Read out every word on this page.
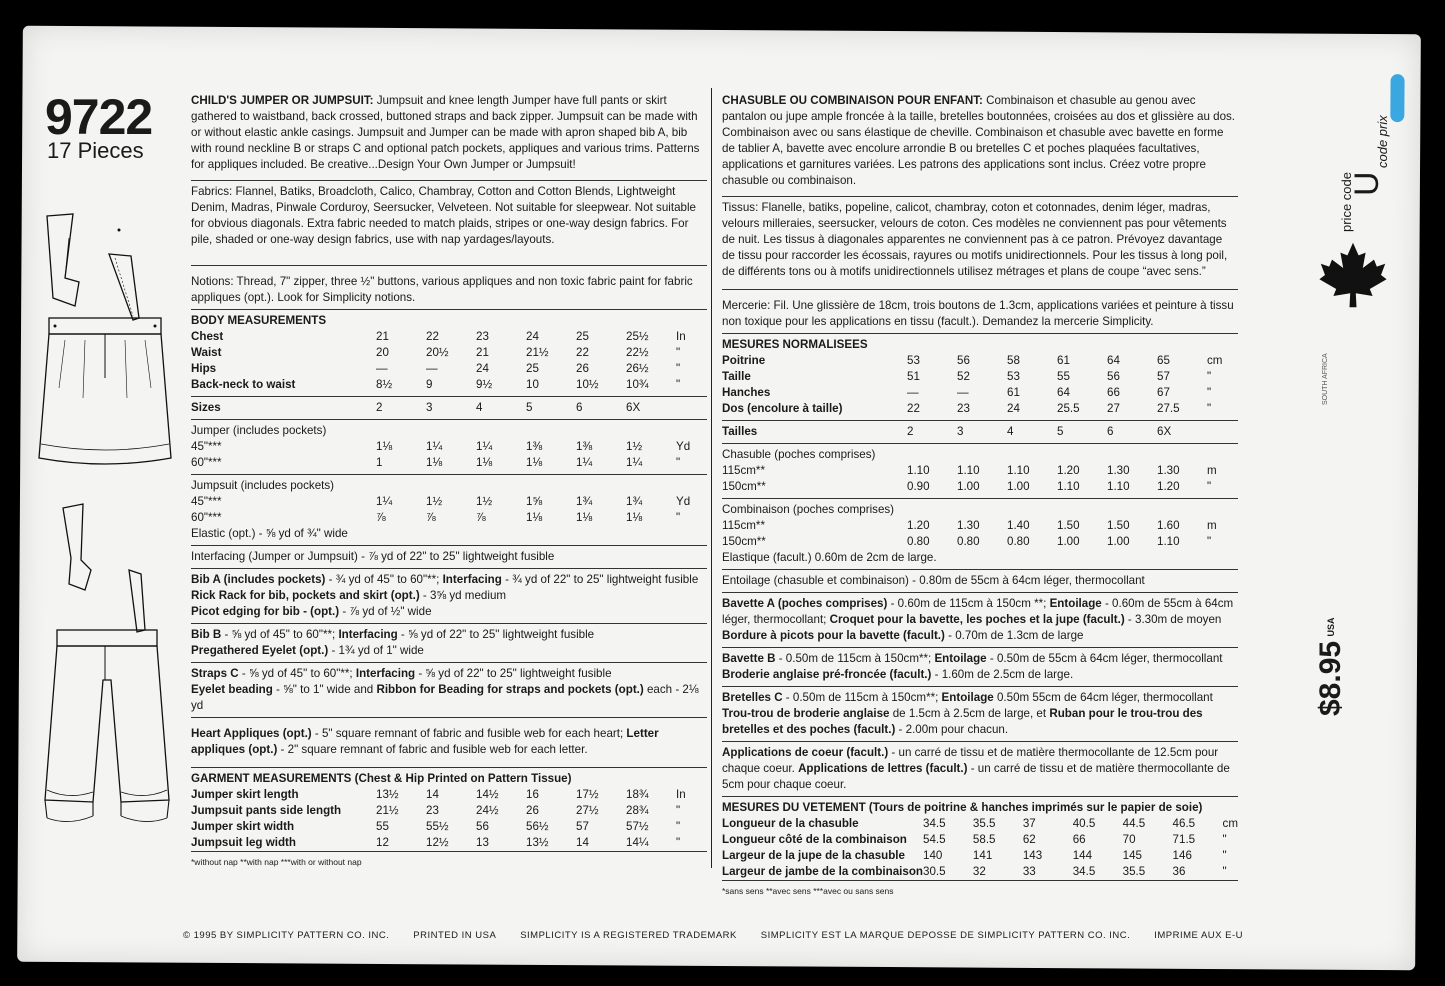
9722
17 Pieces

CHILD'S JUMPER OR JUMPSUIT: Jumpsuit and knee length Jumper have full pants or skirt gathered to waistband, back crossed, buttoned straps and back zipper. Jumpsuit can be made with or without elastic ankle casings. Jumpsuit and Jumper can be made with apron shaped bib A, bib with round neckline B or straps C and optional patch pockets, appliques and various trims. Patterns for appliques included. Be creative...Design Your Own Jumper or Jumpsuit!

Fabrics: Flannel, Batiks, Broadcloth, Calico, Chambray, Cotton and Cotton Blends, Lightweight Denim, Madras, Pinwale Corduroy, Seersucker, Velveteen. Not suitable for sleepwear. Not suitable for obvious diagonals. Extra fabric needed to match plaids, stripes or one-way design fabrics. For pile, shaded or one-way design fabrics, use with nap yardages/layouts.

Notions: Thread, 7" zipper, three ½" buttons, various appliques and non toxic fabric paint for fabric appliques (opt.). Look for Simplicity notions.

BODY MEASUREMENTS							
Chest	21	22	23	24	25	25½	In
Waist	20	20½	21	21½	22	22½	"
Hips	—	—	24	25	26	26½	"
Back-neck to waist	8½	9	9½	10	10½	10¾	"
Sizes	2	3	4	5	6	6X	
Jumper (includes pockets)							
45"***	1⅛	1¼	1¼	1⅜	1⅜	1½	Yd
60"***	1	1⅛	1⅛	1⅛	1¼	1¼	"
Jumpsuit (includes pockets)							
45"***	1¼	1½	1½	1⅝	1¾	1¾	Yd
60"***	⅞	⅞	⅞	1⅛	1⅛	1⅛	"

Elastic (opt.) - ⅝ yd of ¾" wide

Interfacing (Jumper or Jumpsuit) - ⅞ yd of 22" to 25" lightweight fusible

Bib A (includes pockets) - ¾ yd of 45" to 60"**; Interfacing - ¾ yd of 22" to 25" lightweight fusible

Rick Rack for bib, pockets and skirt (opt.) - 3⅝ yd medium

Picot edging for bib - (opt.) - ⅞ yd of ½" wide

Bib B - ⅝ yd of 45" to 60"**; Interfacing - ⅝ yd of 22" to 25" lightweight fusible

Pregathered Eyelet (opt.) - 1¾ yd of 1" wide

Straps C - ⅝ yd of 45" to 60"**; Interfacing - ⅝ yd of 22" to 25" lightweight fusible

Eyelet beading - ⅝" to 1" wide and Ribbon for Beading for straps and pockets (opt.) each - 2⅛ yd

Heart Appliques (opt.) - 5" square remnant of fabric and fusible web for each heart; Letter appliques (opt.) - 2" square remnant of fabric and fusible web for each letter.

GARMENT MEASUREMENTS (Chest & Hip Printed on Pattern Tissue)							
Jumper skirt length	13½	14	14½	16	17½	18¾	In
Jumpsuit pants side length	21½	23	24½	26	27½	28¾	"
Jumper skirt width	55	55½	56	56½	57	57½	"
Jumpsuit leg width	12	12½	13	13½	14	14¼	"
*without nap **with nap ***with or without nap

CHASUBLE OU COMBINAISON POUR ENFANT: Combinaison et chasuble au genou avec pantalon ou jupe ample froncée à la taille, bretelles boutonnées, croisées au dos et glissière au dos. Combinaison avec ou sans élastique de cheville. Combinaison et chasuble avec bavette en forme de tablier A, bavette avec encolure arrondie B ou bretelles C et poches plaquées facultatives, applications et garnitures variées. Les patrons des applications sont inclus. Créez votre propre chasuble ou combinaison.

Tissus: Flanelle, batiks, popeline, calicot, chambray, coton et cotonnades, denim léger, madras, velours milleraies, seersucker, velours de coton. Ces modèles ne conviennent pas pour vêtements de nuit. Les tissus à diagonales apparentes ne conviennent pas à ce patron. Prévoyez davantage de tissu pour raccorder les écossais, rayures ou motifs unidirectionnels. Pour les tissus à long poil, de différents tons ou à motifs unidirectionnels utilisez métrages et plans de coupe “avec sens.”

Mercerie: Fil. Une glissière de 18cm, trois boutons de 1.3cm, applications variées et peinture à tissu non toxique pour les applications en tissu (facult.). Demandez la mercerie Simplicity.

MESURES NORMALISEES							
Poitrine	53	56	58	61	64	65	cm
Taille	51	52	53	55	56	57	"
Hanches	—	—	61	64	66	67	"
Dos (encolure à taille)	22	23	24	25.5	27	27.5	"
Tailles	2	3	4	5	6	6X	
Chasuble (poches comprises)							
115cm**	1.10	1.10	1.10	1.20	1.30	1.30	m
150cm**	0.90	1.00	1.00	1.10	1.10	1.20	"
Combinaison (poches comprises)							
115cm**	1.20	1.30	1.40	1.50	1.50	1.60	m
150cm**	0.80	0.80	0.80	1.00	1.00	1.10	"

Elastique (facult.) 0.60m de 2cm de large.

Entoilage (chasuble et combinaison) - 0.80m de 55cm à 64cm léger, thermocollant

Bavette A (poches comprises) - 0.60m de 115cm à 150cm **; Entoilage - 0.60m de 55cm à 64cm léger, thermocollant; Croquet pour la bavette, les poches et la jupe (facult.) - 3.30m de moyen

Bordure à picots pour la bavette (facult.) - 0.70m de 1.3cm de large

Bavette B - 0.50m de 115cm à 150cm**; Entoilage - 0.50m de 55cm à 64cm léger, thermocollant

Broderie anglaise pré-froncée (facult.) - 1.60m de 2.5cm de large.

Bretelles C - 0.50m de 115cm à 150cm**; Entoilage 0.50m 55cm de 64cm léger, thermocollant

Trou-trou de broderie anglaise de 1.5cm à 2.5cm de large, et Ruban pour le trou-trou des bretelles et des poches (facult.) - 2.00m pour chacun.

Applications de coeur (facult.) - un carré de tissu et de matière thermocollante de 12.5cm pour chaque coeur. Applications de lettres (facult.) - un carré de tissu et de matière thermocollante de 5cm pour chaque coeur.

MESURES DU VETEMENT (Tours de poitrine & hanches imprimés sur le papier de soie)							
Longueur de la chasuble	34.5	35.5	37	40.5	44.5	46.5	cm
Longueur côté de la combinaison	54.5	58.5	62	66	70	71.5	"
Largeur de la jupe de la chasuble	140	141	143	144	145	146	"
Largeur de jambe de la combinaison	30.5	32	33	34.5	35.5	36	"
*sans sens **avec sens ***avec ou sans sens
price code
U
code prix
SOUTH AFRICA
$8.95 $^{USA}$
© 1995 BY SIMPLICITY PATTERN CO. INC.	PRINTED IN USA	SIMPLICITY IS A REGISTERED TRADEMARK	SIMPLICITY EST LA MARQUE DEPOSSE DE SIMPLICITY PATTERN CO. INC.	IMPRIME AUX E-U
